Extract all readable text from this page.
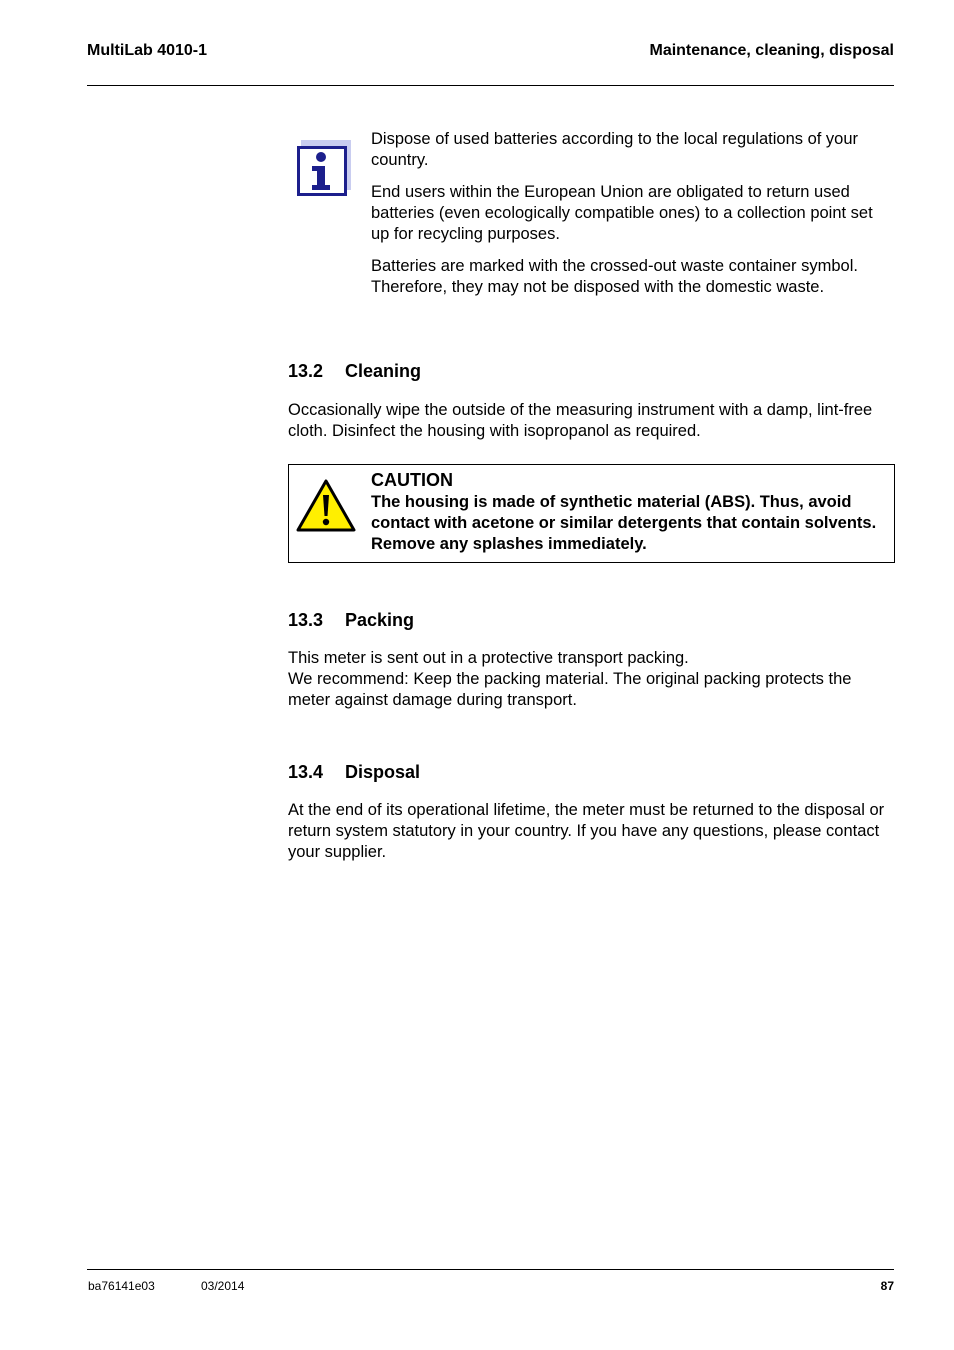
MultiLab 4010-1	Maintenance, cleaning, disposal

Dispose of used batteries according to the local regulations of your country.

End users within the European Union are obligated to return used batteries (even ecologically compatible ones) to a collection point set up for recycling purposes.

Batteries are marked with the crossed-out waste container symbol. Therefore, they may not be disposed with the domestic waste.

13.2 Cleaning

Occasionally wipe the outside of the measuring instrument with a damp, lint-free cloth. Disinfect the housing with isopropanol as required.

CAUTION
The housing is made of synthetic material (ABS). Thus, avoid contact with acetone or similar detergents that contain solvents. Remove any splashes immediately.
13.3 Packing
This meter is sent out in a protective transport packing.
We recommend: Keep the packing material. The original packing protects the meter against damage during transport.
13.4 Disposal

At the end of its operational lifetime, the meter must be returned to the disposal or return system statutory in your country. If you have any questions, please contact your supplier.

ba76141e03	03/2014	87
